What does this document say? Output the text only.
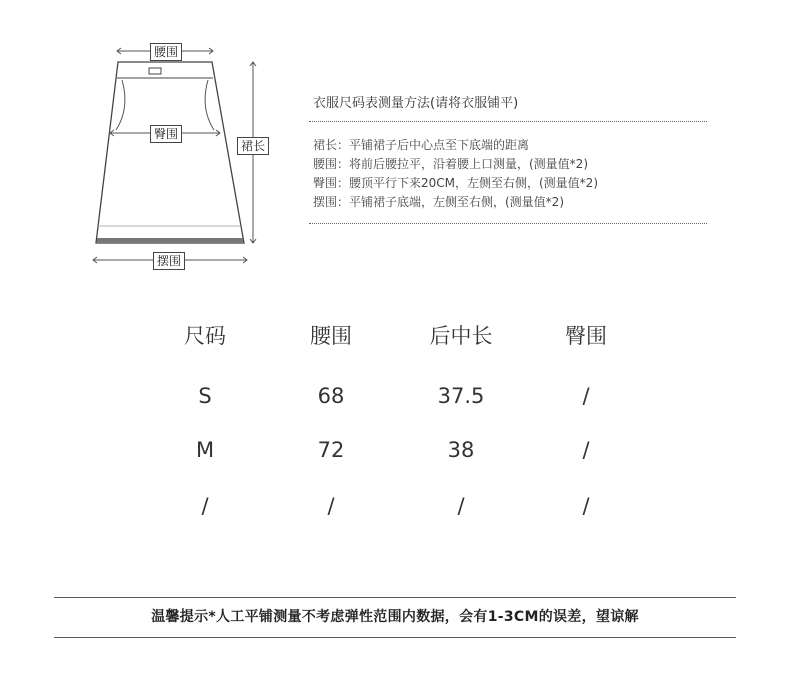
腰围
臀围
裙长
摆围
衣服尺码表测量方法(请将衣服铺平)
裙长：平铺裙子后中心点至下底端的距离
腰围：将前后腰拉平，沿着腰上口测量，(测量值*2)
臀围：腰顶平行下来20CM，左侧至右侧，(测量值*2)
摆围：平铺裙子底端，左侧至右侧，(测量值*2)
尺码	腰围	后中长	臀围
S	68	37.5	/
M	72	38	/
/	/	/	/
温馨提示*人工平铺测量不考虑弹性范围内数据，会有1-3CM的误差，望谅解
